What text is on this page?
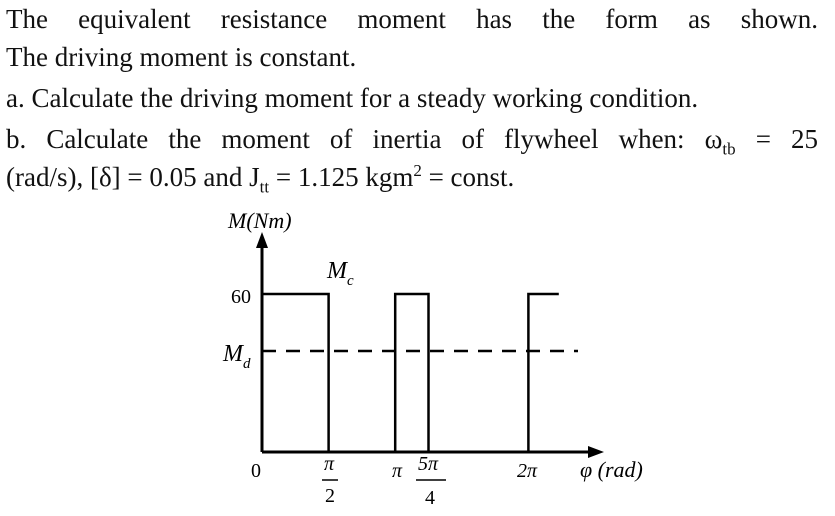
The equivalent resistance moment has the form as shown.
The driving moment is constant.
a. Calculate the driving moment for a steady working condition.
b. Calculate the moment of inertia of flywheel when: $\omega_{tb} = 25$
(rad/s), [δ] = 0.05 and $J_{tt} = 1.125$ kgm$^2$ = const.
M(Nm)
60
$M_d$
$M_c$
0	π
2
π 5π
4
2π φ (rad)
